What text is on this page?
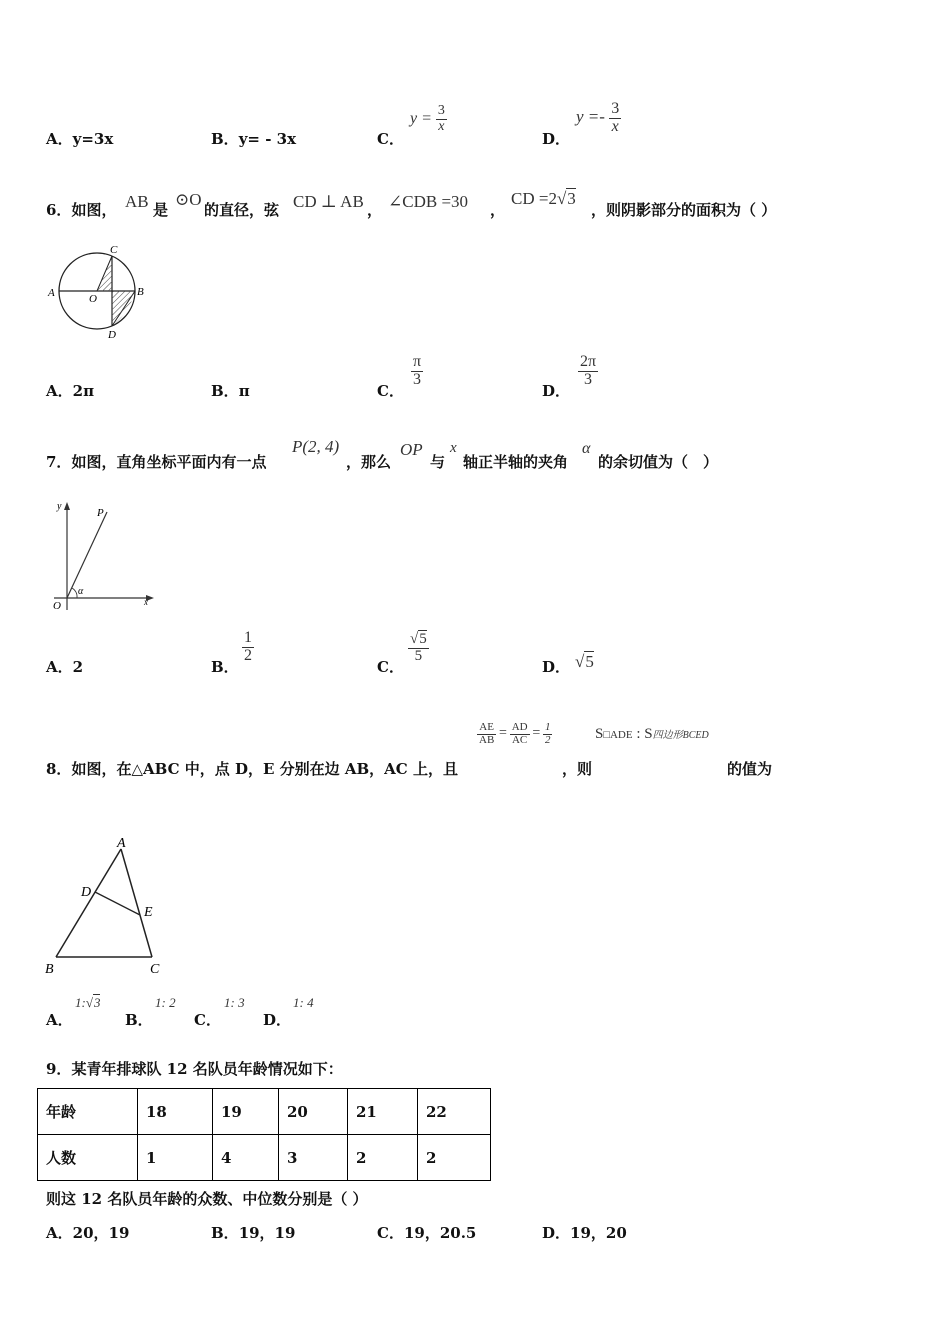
A．y=3x	B．y= - 3x	C．
$y = \frac{3}{x}$
D．
$y =- \frac{3}{x}$
6．如图， AB 是
⊙O
的直径，弦 CD ⊥ AB ， ∠CDB =30 ，
CD =2√3
，则阴影部分的面积为（ ）
A	B
C
D
O
A．2π	B．π	C．
$\frac{\pi}{3}$
D．
$\frac{2\pi}{3}$
7．如图，直角坐标平面内有一点
P(2, 4)
，那么
OP
与
x
轴正半轴的夹角
α
的余切值为（　）
y
P
O	x
α
A．2	B．
$\frac{1}{2}$
C．
$\frac{√5}{5}$
D． √5
$\frac{AE}{AB} = \frac{AD}{AC} = \frac{1}{2}$	S□ADE : S四边形BCED
8．如图，在△ABC 中，点 D，E 分别在边 AB，AC 上，且	，则	的值为
A
D
E
B	C
A．
1:√3
B．
1: 2
C．
1: 3
D．
1: 4
9．某青年排球队 12 名队员年龄情况如下：
年龄	18	19	20	21	22
人数	1	4	3	2	2
则这 12 名队员年龄的众数、中位数分别是（ ）
A．20，19	B．19，19	C．19，20.5	D．19，20
